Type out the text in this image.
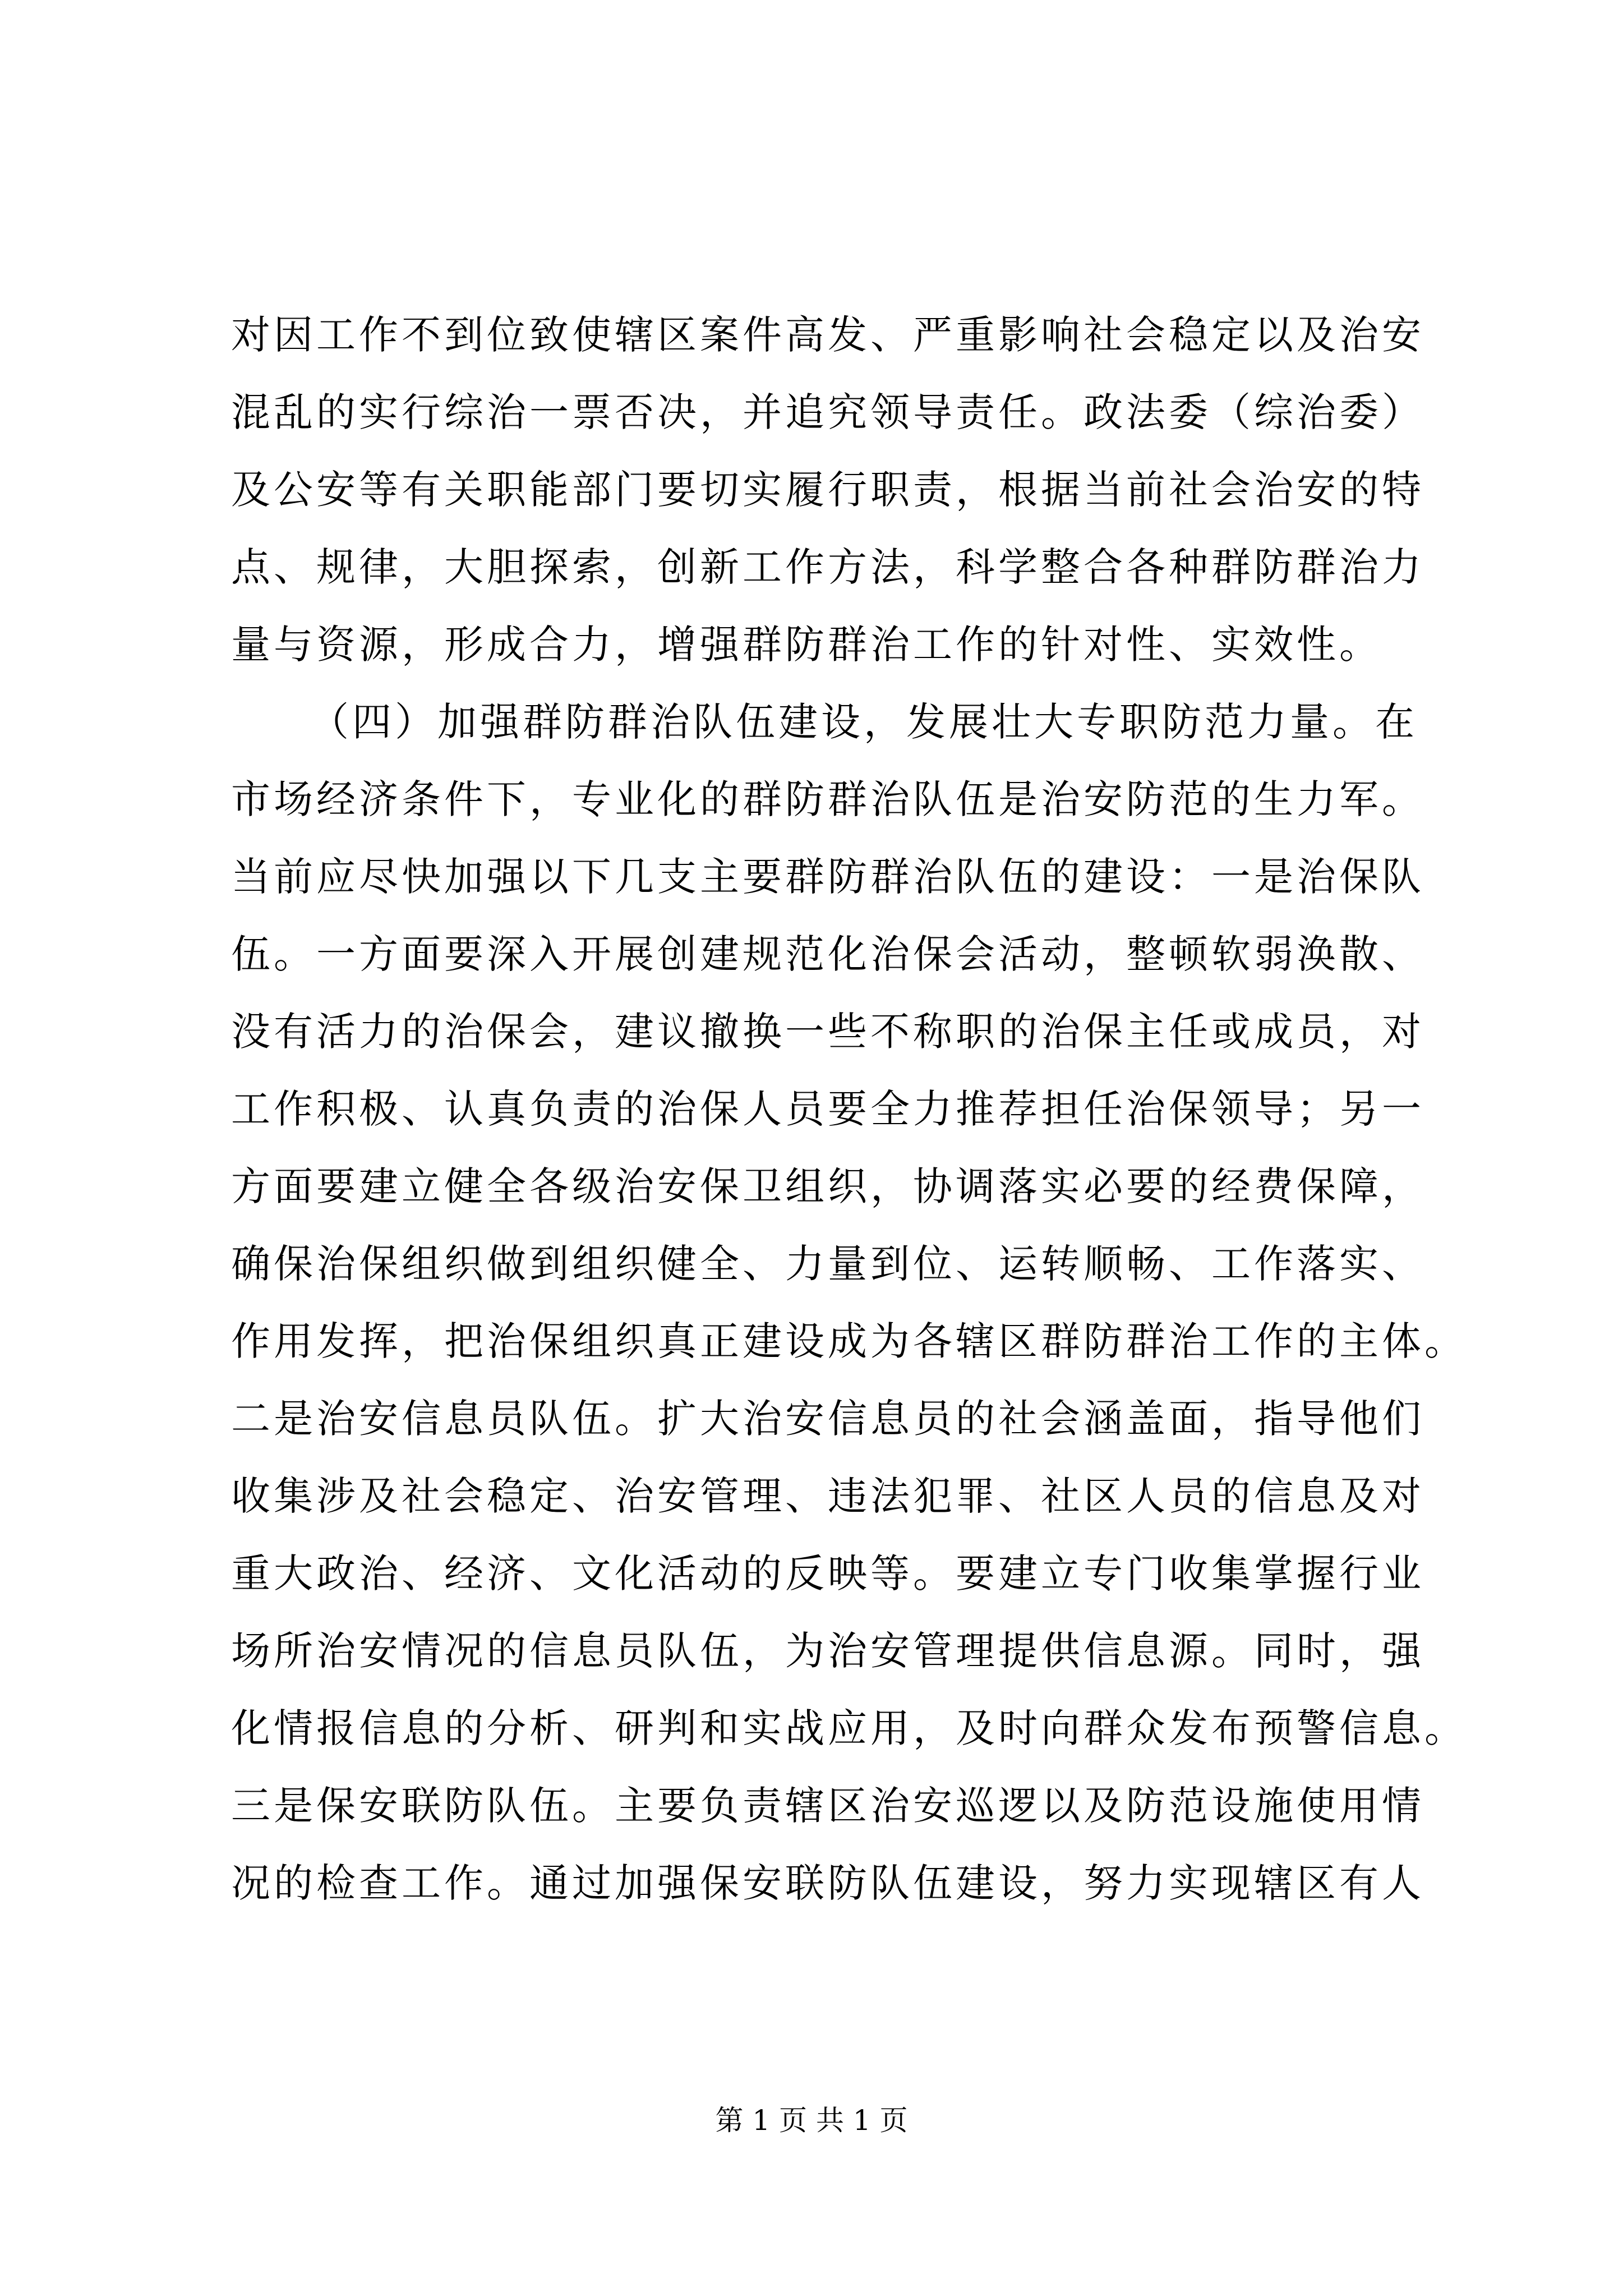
对因工作不到位致使辖区案件高发、严重影响社会稳定以及治安
混乱的实行综治一票否决，并追究领导责任。政法委（综治委）
及公安等有关职能部门要切实履行职责，根据当前社会治安的特
点、规律，大胆探索，创新工作方法，科学整合各种群防群治力
量与资源，形成合力，增强群防群治工作的针对性、实效性。
（四）加强群防群治队伍建设，发展壮大专职防范力量。在
市场经济条件下，专业化的群防群治队伍是治安防范的生力军。
当前应尽快加强以下几支主要群防群治队伍的建设：一是治保队
伍。一方面要深入开展创建规范化治保会活动，整顿软弱涣散、
没有活力的治保会，建议撤换一些不称职的治保主任或成员，对
工作积极、认真负责的治保人员要全力推荐担任治保领导；另一
方面要建立健全各级治安保卫组织，协调落实必要的经费保障，
确保治保组织做到组织健全、力量到位、运转顺畅、工作落实、
作用发挥，把治保组织真正建设成为各辖区群防群治工作的主体。
二是治安信息员队伍。扩大治安信息员的社会涵盖面，指导他们
收集涉及社会稳定、治安管理、违法犯罪、社区人员的信息及对
重大政治、经济、文化活动的反映等。要建立专门收集掌握行业
场所治安情况的信息员队伍，为治安管理提供信息源。同时，强
化情报信息的分析、研判和实战应用，及时向群众发布预警信息。
三是保安联防队伍。主要负责辖区治安巡逻以及防范设施使用情
况的检查工作。通过加强保安联防队伍建设，努力实现辖区有人
第 1 页 共 1 页
